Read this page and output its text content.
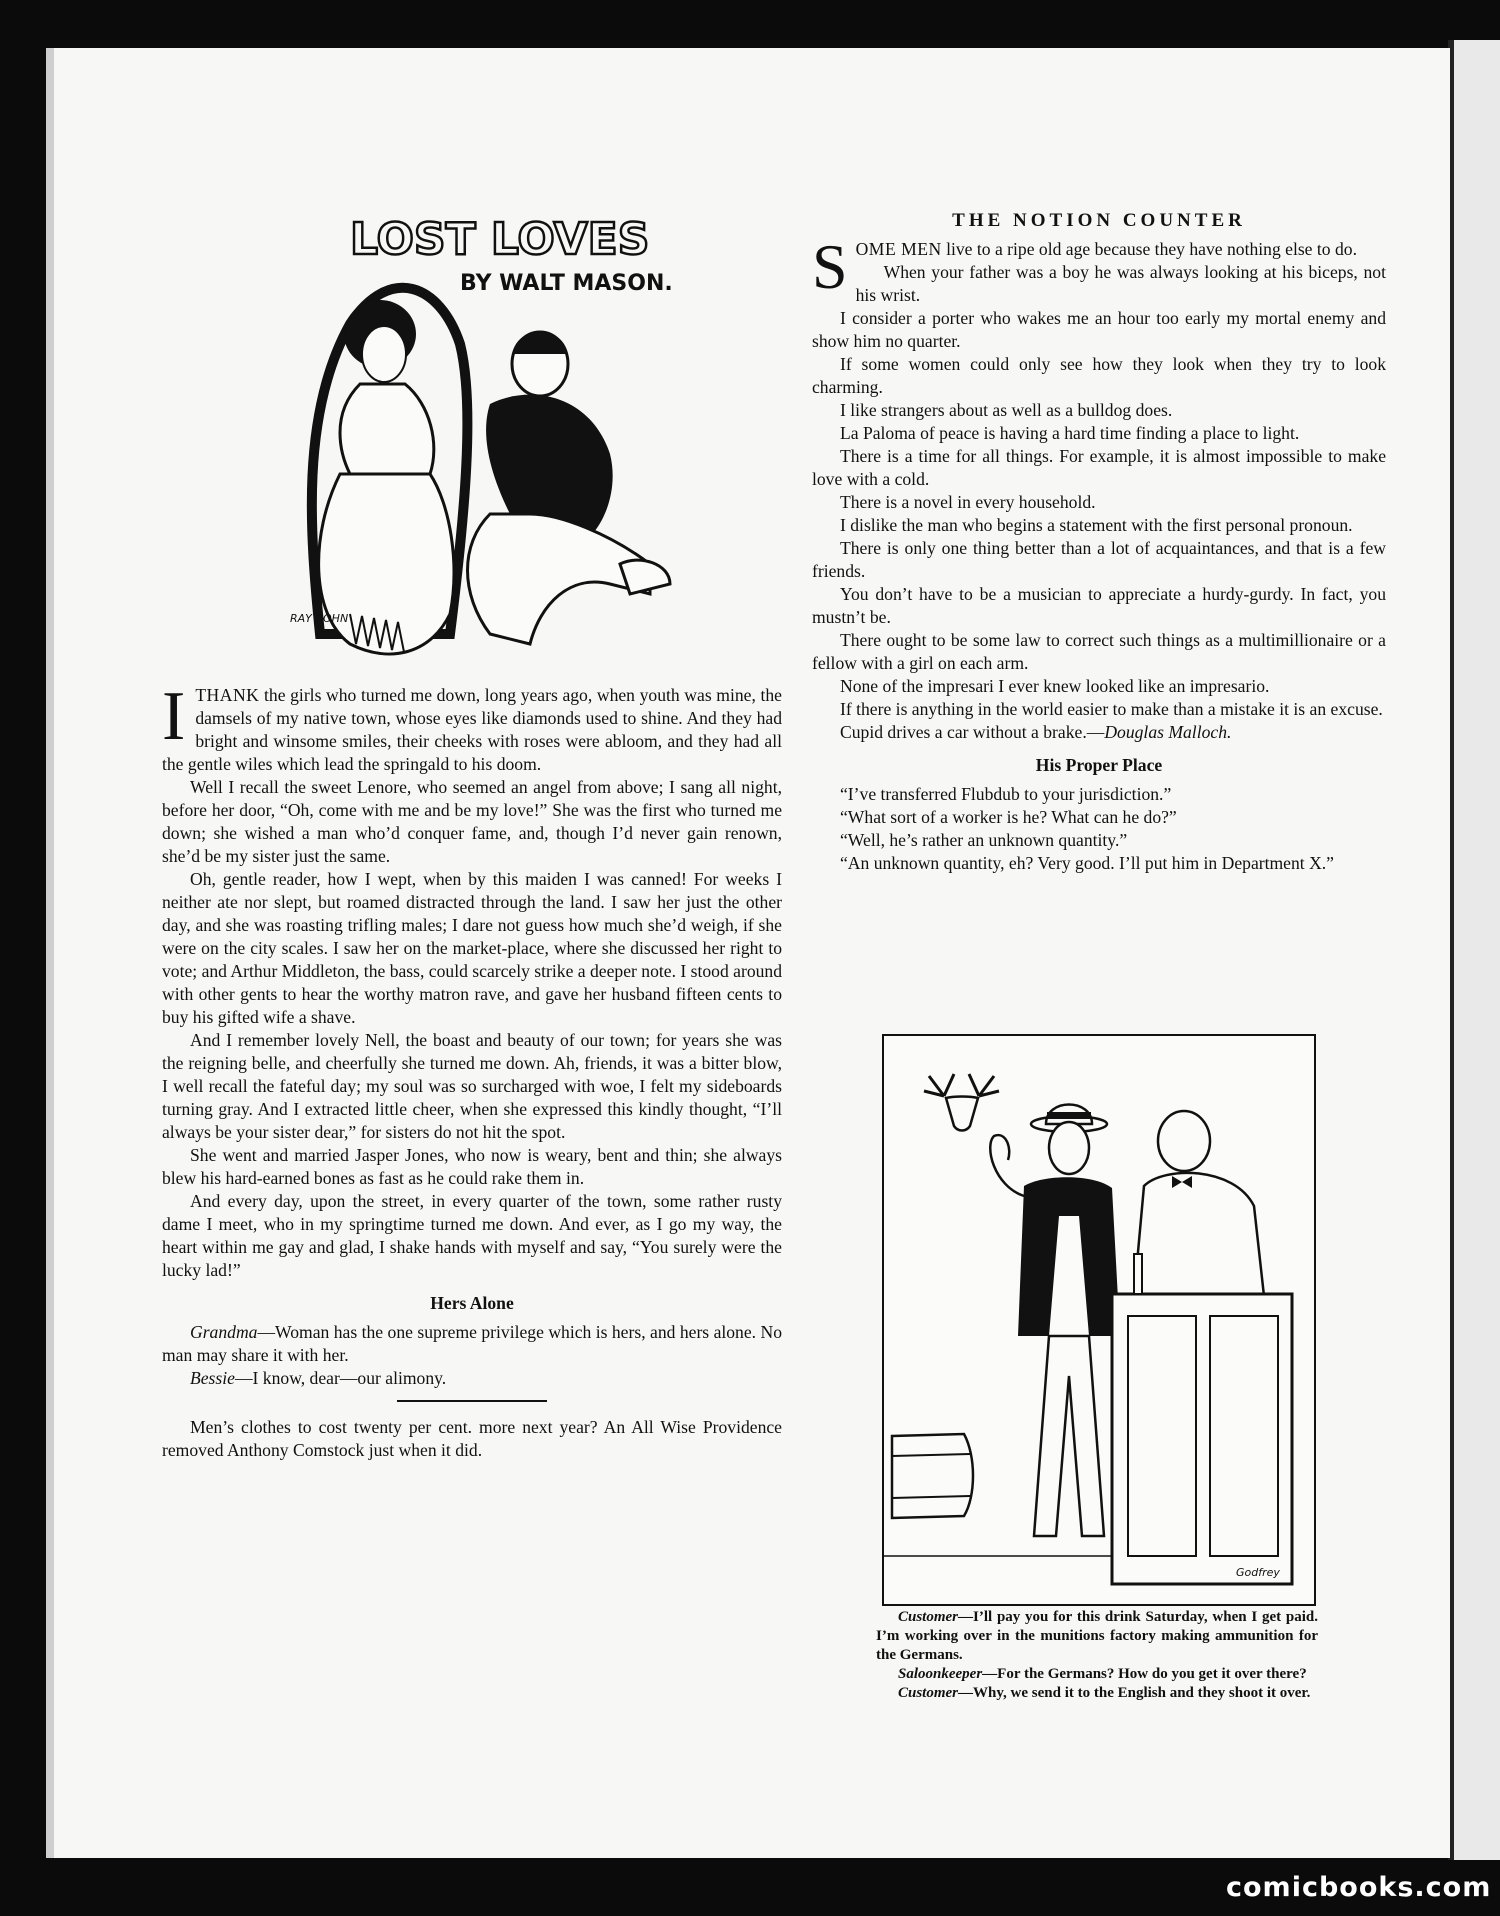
LOST LOVES
BY WALT MASON.
RAY ROHN

ITHANK the girls who turned me down, long years ago, when youth was mine, the damsels of my native town, whose eyes like diamonds used to shine. And they had bright and winsome smiles, their cheeks with roses were abloom, and they had all the gentle wiles which lead the springald to his doom.

Well I recall the sweet Lenore, who seemed an angel from above; I sang all night, before her door, “Oh, come with me and be my love!” She was the first who turned me down; she wished a man who’d conquer fame, and, though I’d never gain renown, she’d be my sister just the same.

Oh, gentle reader, how I wept, when by this maiden I was canned! For weeks I neither ate nor slept, but roamed distracted through the land. I saw her just the other day, and she was roasting trifling males; I dare not guess how much she’d weigh, if she were on the city scales. I saw her on the market-place, where she discussed her right to vote; and Arthur Middleton, the bass, could scarcely strike a deeper note. I stood around with other gents to hear the worthy matron rave, and gave her husband fifteen cents to buy his gifted wife a shave.

And I remember lovely Nell, the boast and beauty of our town; for years she was the reigning belle, and cheerfully she turned me down. Ah, friends, it was a bitter blow, I well recall the fateful day; my soul was so surcharged with woe, I felt my sideboards turning gray. And I extracted little cheer, when she expressed this kindly thought, “I’ll always be your sister dear,” for sisters do not hit the spot.

She went and married Jasper Jones, who now is weary, bent and thin; she always blew his hard-earned bones as fast as he could rake them in.

And every day, upon the street, in every quarter of the town, some rather rusty dame I meet, who in my springtime turned me down. And ever, as I go my way, the heart within me gay and glad, I shake hands with myself and say, “You surely were the lucky lad!”

Hers Alone

Grandma—Woman has the one supreme privilege which is hers, and hers alone. No man may share it with her.

Bessie—I know, dear—our alimony.

Men’s clothes to cost twenty per cent. more next year? An All Wise Providence removed Anthony Comstock just when it did.

THE NOTION COUNTER

SOME MEN live to a ripe old age because they have nothing else to do.

When your father was a boy he was always looking at his biceps, not his wrist.

I consider a porter who wakes me an hour too early my mortal enemy and show him no quarter.

If some women could only see how they look when they try to look charming.

I like strangers about as well as a bulldog does.

La Paloma of peace is having a hard time finding a place to light.

There is a time for all things. For example, it is almost impossible to make love with a cold.

There is a novel in every household.

I dislike the man who begins a statement with the first personal pronoun.

There is only one thing better than a lot of acquaintances, and that is a few friends.

You don’t have to be a musician to appreciate a hurdy-gurdy. In fact, you mustn’t be.

There ought to be some law to correct such things as a multimillionaire or a fellow with a girl on each arm.

None of the impresari I ever knew looked like an impresario.

If there is anything in the world easier to make than a mistake it is an excuse.

Cupid drives a car without a brake.—Douglas Malloch.

His Proper Place

“I’ve transferred Flubdub to your jurisdiction.”

“What sort of a worker is he? What can he do?”

“Well, he’s rather an unknown quantity.”

“An unknown quantity, eh? Very good. I’ll put him in Department X.”

Godfrey

Customer—I’ll pay you for this drink Saturday, when I get paid. I’m working over in the munitions factory making ammunition for the Germans.

Saloonkeeper—For the Germans? How do you get it over there?

Customer—Why, we send it to the English and they shoot it over.

comicbooks.com
